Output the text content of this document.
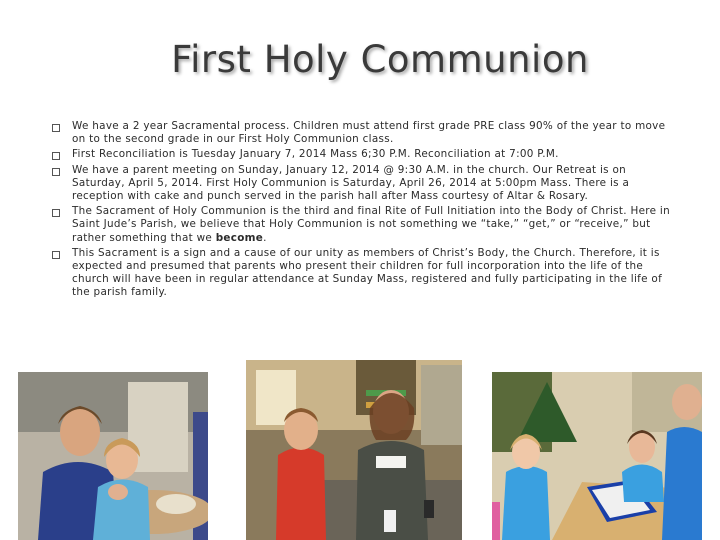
First Holy Communion
We have a 2 year Sacramental process. Children must attend first grade PRE class 90% of the year to move on to the second grade in our First Holy Communion class.
First Reconciliation is Tuesday January 7, 2014 Mass 6;30 P.M. Reconciliation at 7:00 P.M.
We have a parent meeting on Sunday, January 12, 2014 @ 9:30 A.M. in the church. Our Retreat is on Saturday, April 5, 2014. First Holy Communion is Saturday, April 26, 2014 at 5:00pm Mass. There is a reception with cake and punch served in the parish hall after Mass courtesy of Altar & Rosary.
The Sacrament of Holy Communion is the third and final Rite of Full Initiation into the Body of Christ. Here in Saint Jude’s Parish, we believe that Holy Communion is not something we “take,” “get,” or “receive,” but rather something that we become.
This Sacrament is a sign and a cause of our unity as members of Christ’s Body, the Church. Therefore, it is expected and presumed that parents who present their children for full incorporation into the life of the church will have been in regular attendance at Sunday Mass, registered and fully participating in the life of the parish family.
